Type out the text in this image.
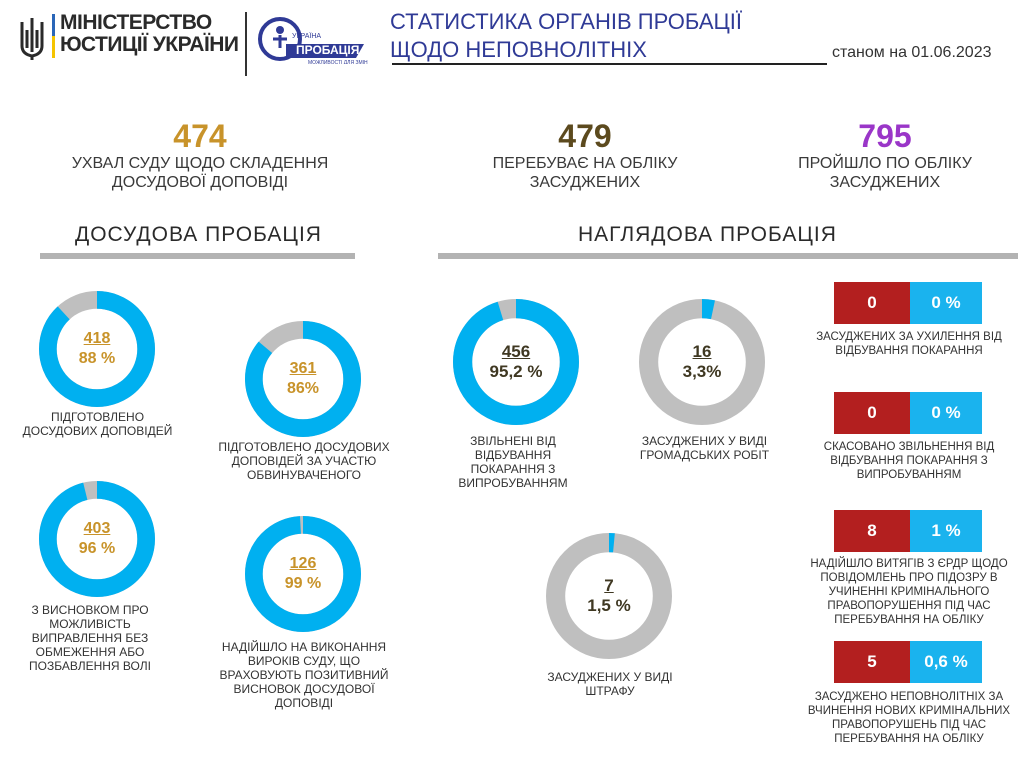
МІНІСТЕРСТВО
ЮСТИЦІЇ УКРАЇНИ	УКРАЇНА
ПРОБАЦІЯ
МОЖЛИВОСТІ ДЛЯ ЗМІН
СТАТИСТИКА ОРГАНІВ ПРОБАЦІЇ
ЩОДО НЕПОВНОЛІТНІХ	станом на 01.06.2023
474
УХВАЛ СУДУ ЩОДО СКЛАДЕННЯ ДОСУДОВОЇ ДОПОВІДІ
479
ПЕРЕБУВАЄ НА ОБЛІКУ ЗАСУДЖЕНИХ
795
ПРОЙШЛО ПО ОБЛІКУ ЗАСУДЖЕНИХ
ДОСУДОВА ПРОБАЦІЯ	НАГЛЯДОВА ПРОБАЦІЯ
418
88 %
ПІДГОТОВЛЕНО ДОСУДОВИХ ДОПОВІДЕЙ
361
86%
ПІДГОТОВЛЕНО ДОСУДОВИХ ДОПОВІДЕЙ ЗА УЧАСТЮ ОБВИНУВАЧЕНОГО
403
96 %
З ВИСНОВКОМ ПРО МОЖЛИВІСТЬ ВИПРАВЛЕННЯ БЕЗ ОБМЕЖЕННЯ АБО ПОЗБАВЛЕННЯ ВОЛІ
126
99 %
НАДІЙШЛО НА ВИКОНАННЯ ВИРОКІВ СУДУ, ЩО ВРАХОВУЮТЬ ПОЗИТИВНИЙ ВИСНОВОК ДОСУДОВОЇ ДОПОВІДІ
456
95,2 %
ЗВІЛЬНЕНІ ВІД ВІДБУВАННЯ ПОКАРАННЯ З ВИПРОБУВАННЯМ
16
3,3%
ЗАСУДЖЕНИХ У ВИДІ ГРОМАДСЬКИХ РОБІТ
7
1,5 %
ЗАСУДЖЕНИХ У ВИДІ ШТРАФУ
0	0 %
ЗАСУДЖЕНИХ ЗА УХИЛЕННЯ ВІД ВІДБУВАННЯ ПОКАРАННЯ
0	0 %
СКАСОВАНО ЗВІЛЬНЕННЯ ВІД ВІДБУВАННЯ ПОКАРАННЯ З ВИПРОБУВАННЯМ
8	1 %
НАДІЙШЛО ВИТЯГІВ З ЄРДР ЩОДО ПОВІДОМЛЕНЬ ПРО ПІДОЗРУ В УЧИНЕННІ КРИМІНАЛЬНОГО ПРАВОПОРУШЕННЯ ПІД ЧАС ПЕРЕБУВАННЯ НА ОБЛІКУ
5	0,6 %
ЗАСУДЖЕНО НЕПОВНОЛІТНІХ ЗА ВЧИНЕННЯ НОВИХ КРИМІНАЛЬНИХ ПРАВОПОРУШЕНЬ ПІД ЧАС ПЕРЕБУВАННЯ НА ОБЛІКУ
